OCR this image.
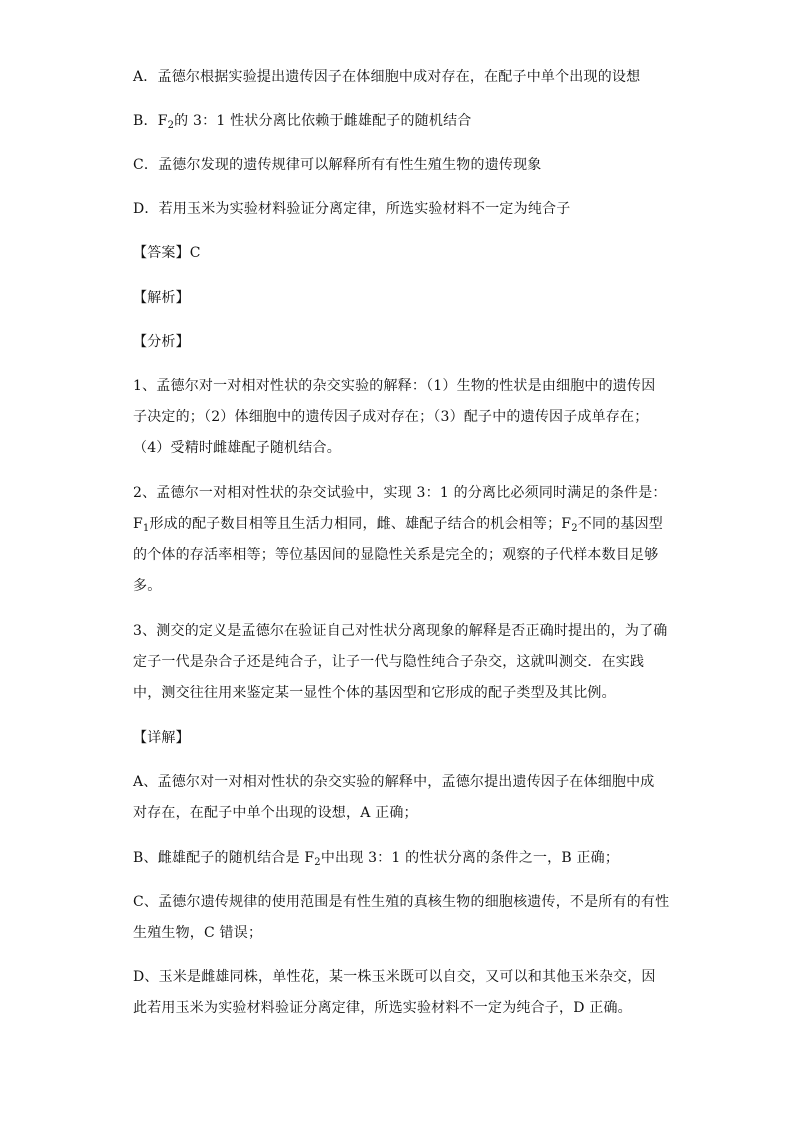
A．孟德尔根据实验提出遗传因子在体细胞中成对存在，在配子中单个出现的设想
B．$F_2$的 3：1 性状分离比依赖于雌雄配子的随机结合
C．孟德尔发现的遗传规律可以解释所有有性生殖生物的遗传现象
D．若用玉米为实验材料验证分离定律，所选实验材料不一定为纯合子
【答案】C
【解析】
【分析】
1、孟德尔对一对相对性状的杂交实验的解释：（1）生物的性状是由细胞中的遗传因
子决定的；（2）体细胞中的遗传因子成对存在；（3）配子中的遗传因子成单存在；
（4）受精时雌雄配子随机结合。
2、孟德尔一对相对性状的杂交试验中，实现 3：1 的分离比必须同时满足的条件是：
$F_1$形成的配子数目相等且生活力相同，雌、雄配子结合的机会相等；$F_2$不同的基因型
的个体的存活率相等；等位基因间的显隐性关系是完全的；观察的子代样本数目足够
多。
3、测交的定义是孟德尔在验证自己对性状分离现象的解释是否正确时提出的，为了确
定子一代是杂合子还是纯合子，让子一代与隐性纯合子杂交，这就叫测交．在实践
中，测交往往用来鉴定某一显性个体的基因型和它形成的配子类型及其比例。
【详解】
A、孟德尔对一对相对性状的杂交实验的解释中，孟德尔提出遗传因子在体细胞中成
对存在，在配子中单个出现的设想，A 正确；
B、雌雄配子的随机结合是 $F_2$中出现 3：1 的性状分离的条件之一，B 正确；
C、孟德尔遗传规律的使用范围是有性生殖的真核生物的细胞核遗传，不是所有的有性
生殖生物，C 错误；
D、玉米是雌雄同株，单性花，某一株玉米既可以自交，又可以和其他玉米杂交，因
此若用玉米为实验材料验证分离定律，所选实验材料不一定为纯合子，D 正确。
